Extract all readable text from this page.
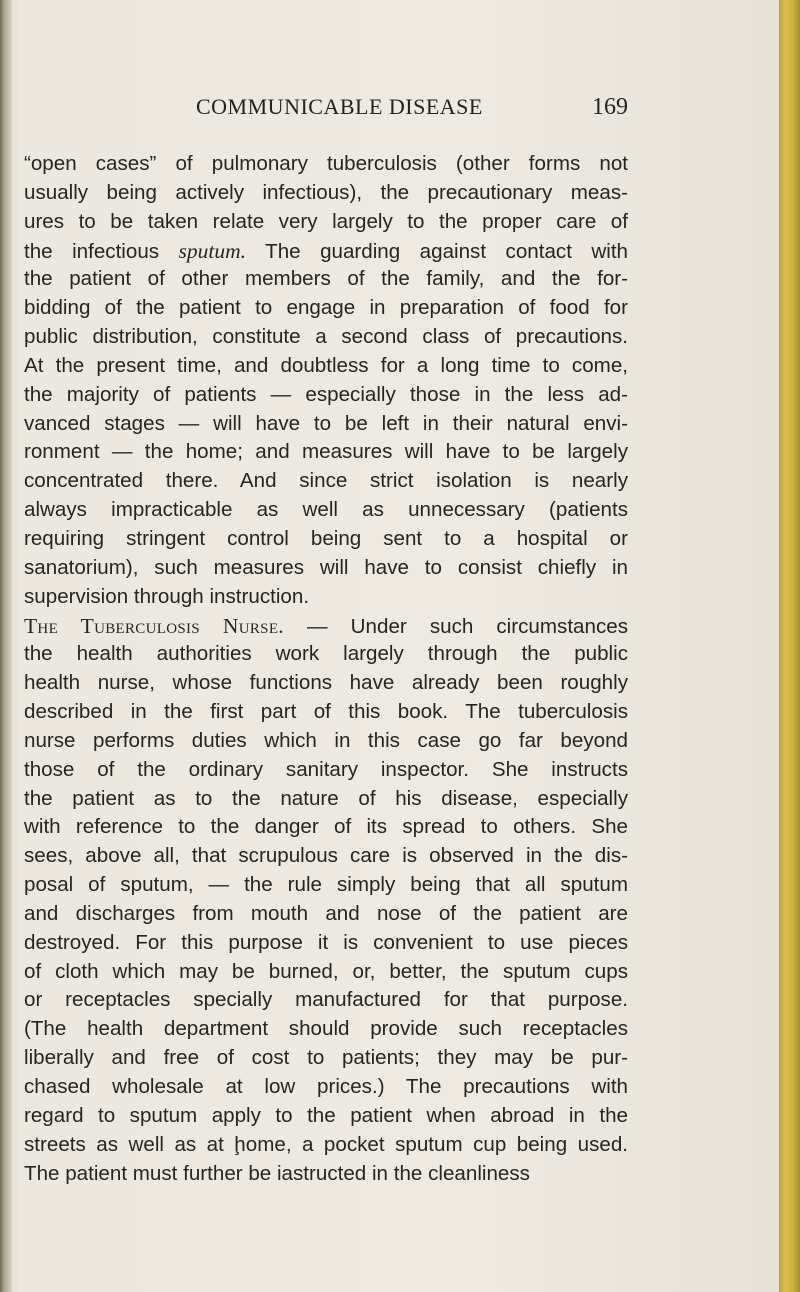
COMMUNICABLE DISEASE	169
“open cases” of pulmonary tuberculosis (other forms not
usually being actively infectious), the precautionary meas-
ures to be taken relate very largely to the proper care of
the infectious sputum. The guarding against contact with
the patient of other members of the family, and the for-
bidding of the patient to engage in preparation of food for
public distribution, constitute a second class of precautions.
At the present time, and doubtless for a long time to come,
the majority of patients — especially those in the less ad-
vanced stages — will have to be left in their natural envi-
ronment — the home; and measures will have to be largely
concentrated there. And since strict isolation is nearly
always impracticable as well as unnecessary (patients
requiring stringent control being sent to a hospital or
sanatorium), such measures will have to consist chiefly in
supervision through instruction.
The Tuberculosis Nurse. — Under such circumstances
the health authorities work largely through the public
health nurse, whose functions have already been roughly
described in the first part of this book. The tuberculosis
nurse performs duties which in this case go far beyond
those of the ordinary sanitary inspector. She instructs
the patient as to the nature of his disease, especially
with reference to the danger of its spread to others. She
sees, above all, that scrupulous care is observed in the dis-
posal of sputum, — the rule simply being that all sputum
and discharges from mouth and nose of the patient are
destroyed. For this purpose it is convenient to use pieces
of cloth which may be burned, or, better, the sputum cups
or receptacles specially manufactured for that purpose.
(The health department should provide such receptacles
liberally and free of cost to patients; they may be pur-
chased wholesale at low prices.) The precautions with
regard to sputum apply to the patient when abroad in the
streets as well as at ḩome, a pocket sputum cup being used.
The patient must further be iastructed in the cleanliness
